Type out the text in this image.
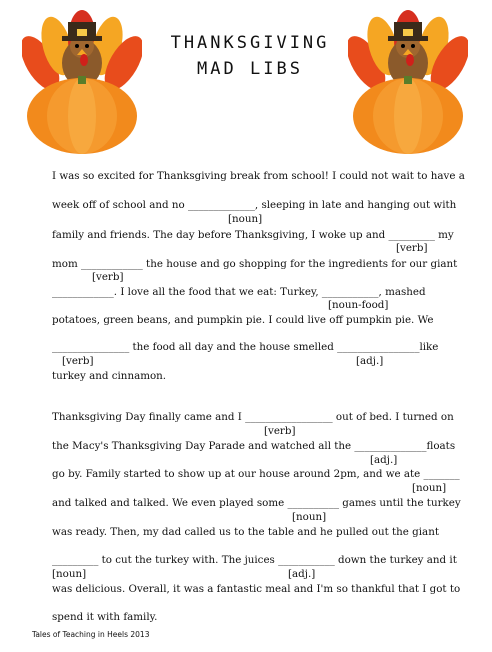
THANKSGIVING
MAD LIBS
I was so excited for Thanksgiving break from school! I could not wait to have a
week off of school and no _____________, sleeping in late and hanging out with
family and friends. The day before Thanksgiving, I woke up and _________ my
mom ____________ the house and go shopping for the ingredients for our giant
____________. I love all the food that we eat: Turkey, ___________, mashed
potatoes, green beans, and pumpkin pie. I could live off pumpkin pie. We
_______________ the food all day and the house smelled ________________like
turkey and cinnamon.
Thanksgiving Day finally came and I _________________ out of bed. I turned on
the Macy's Thanksgiving Day Parade and watched all the ______________floats
go by. Family started to show up at our house around 2pm, and we ate _______
and talked and talked. We even played some __________ games until the turkey
was ready. Then, my dad called us to the table and he pulled out the giant
_________ to cut the turkey with. The juices ___________ down the turkey and it
was delicious. Overall, it was a fantastic meal and I'm so thankful that I got to
spend it with family.
[noun]
[verb]
[verb]
[noun-food]
[verb]	[adj.]
[verb]
[adj.]
[noun]
[noun]
[noun]	[adj.]
Tales of Teaching in Heels 2013
